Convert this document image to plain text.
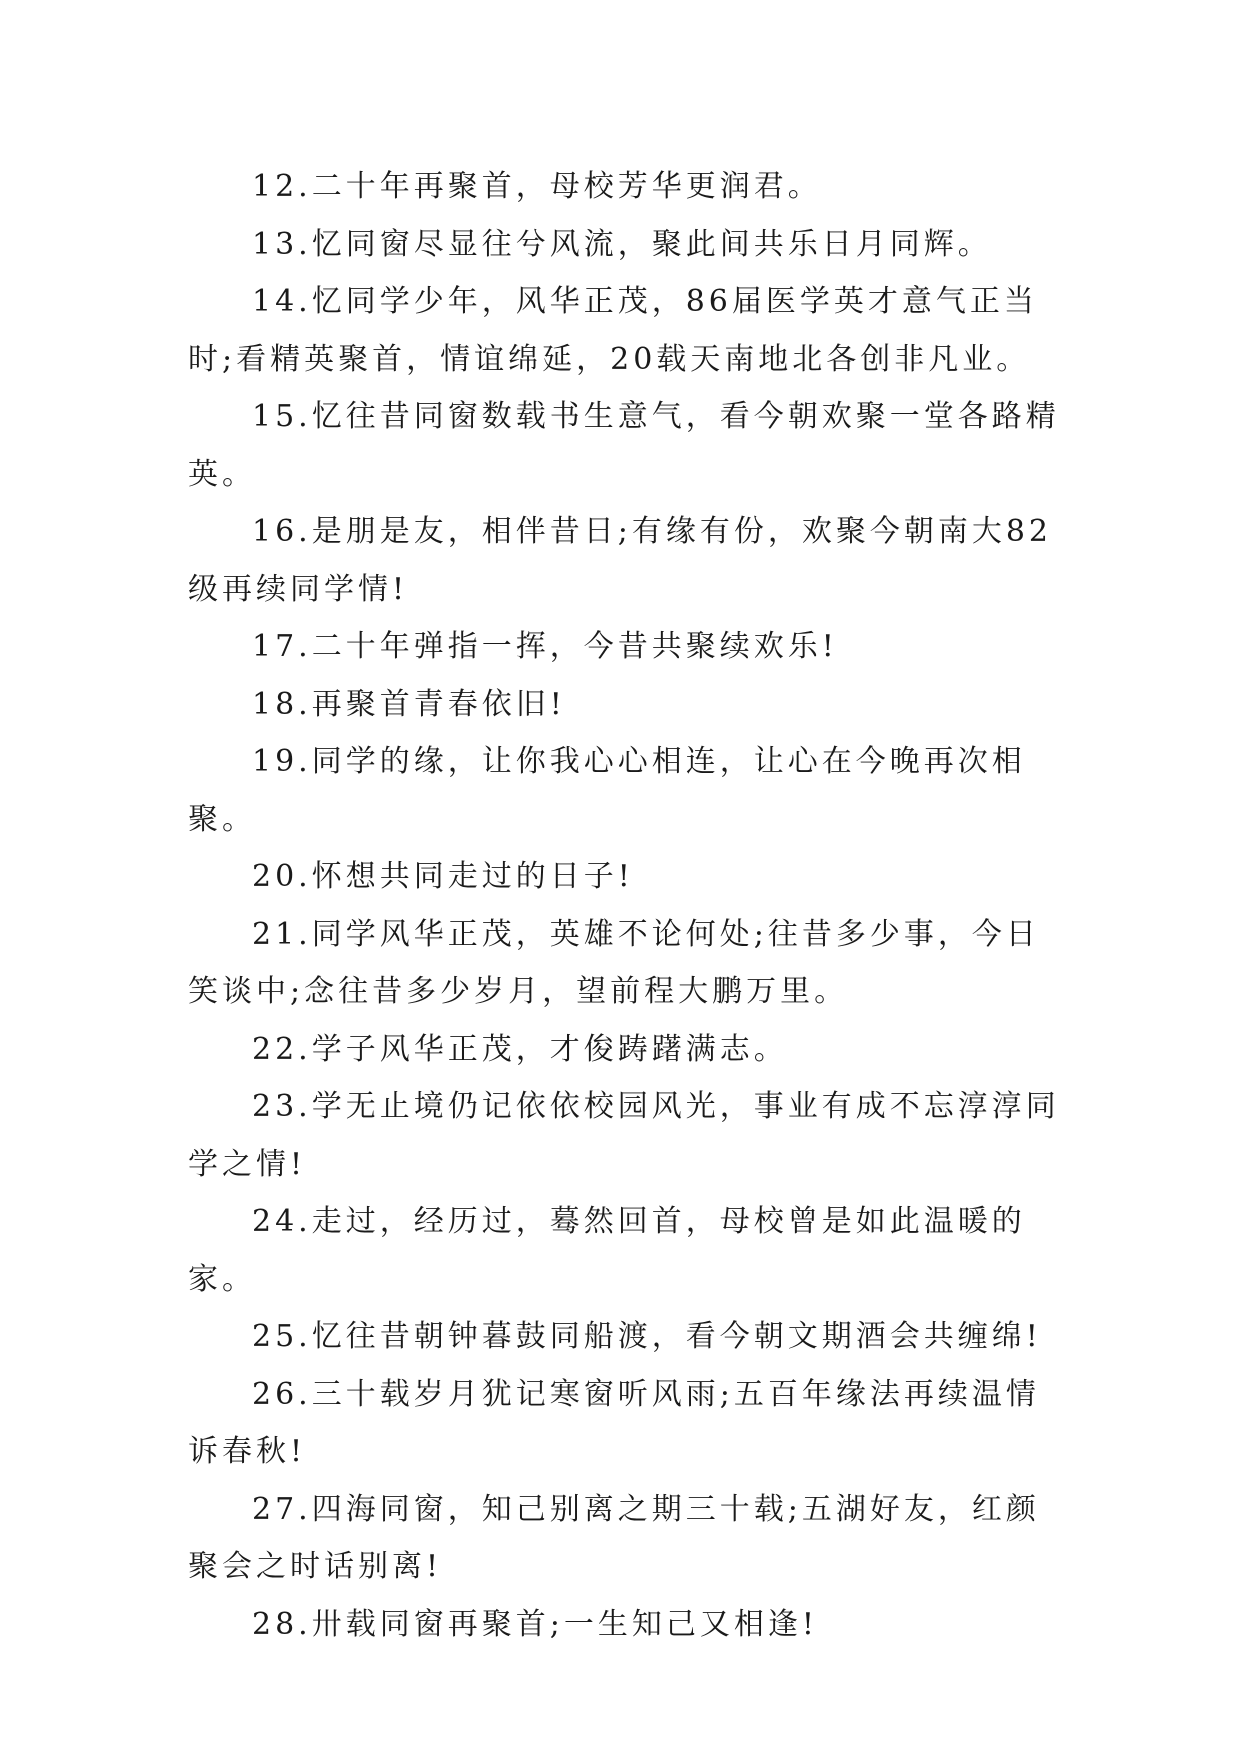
12.二十年再聚首，母校芳华更润君。

13.忆同窗尽显往兮风流，聚此间共乐日月同辉。

14.忆同学少年，风华正茂，86届医学英才意气正当时;看精英聚首，情谊绵延，20载天南地北各创非凡业。

15.忆往昔同窗数载书生意气，看今朝欢聚一堂各路精英。

16.是朋是友，相伴昔日;有缘有份，欢聚今朝南大82级再续同学情!

17.二十年弹指一挥，今昔共聚续欢乐!

18.再聚首青春依旧!

19.同学的缘，让你我心心相连，让心在今晚再次相聚。

20.怀想共同走过的日子!

21.同学风华正茂，英雄不论何处;往昔多少事，今日笑谈中;念往昔多少岁月，望前程大鹏万里。

22.学子风华正茂，才俊踌躇满志。

23.学无止境仍记依依校园风光，事业有成不忘淳淳同学之情!

24.走过，经历过，蓦然回首，母校曾是如此温暖的家。

25.忆往昔朝钟暮鼓同船渡，看今朝文期酒会共缠绵!

26.三十载岁月犹记寒窗听风雨;五百年缘法再续温情诉春秋!

27.四海同窗，知己别离之期三十载;五湖好友，红颜聚会之时话别离!

28.卅载同窗再聚首;一生知己又相逢!
